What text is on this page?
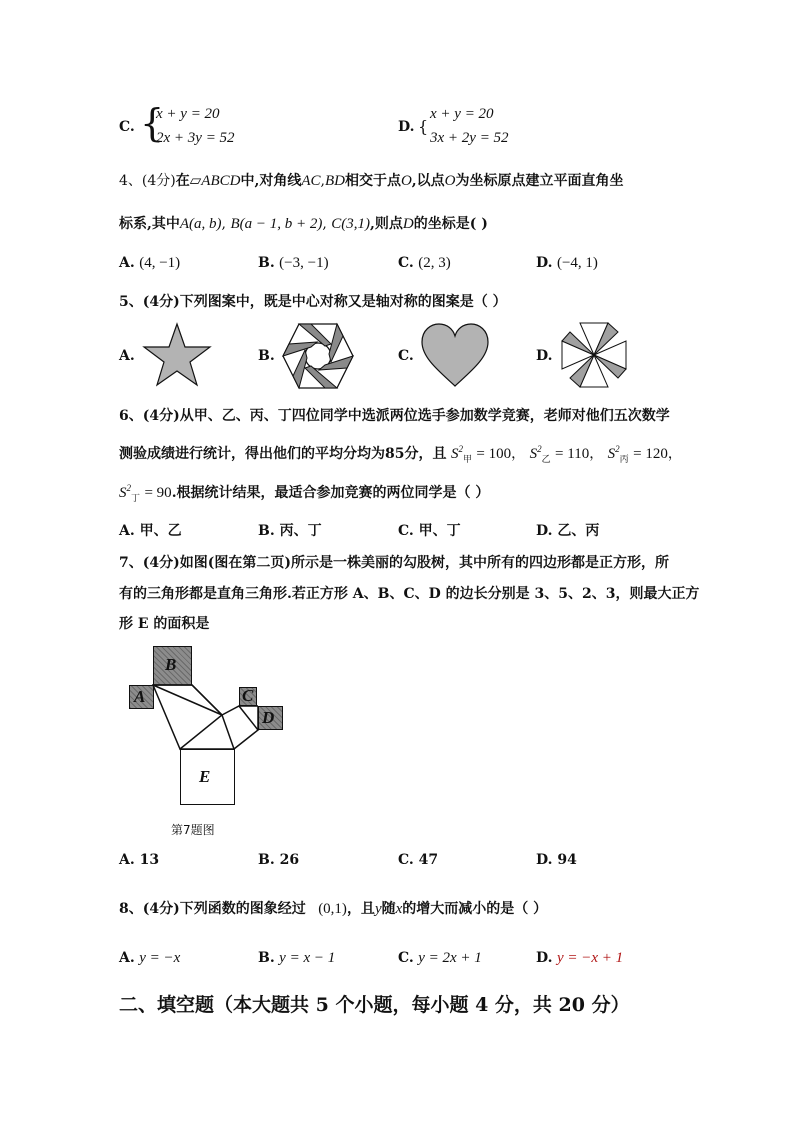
C. {
x + y = 20
2x + 3y = 52
D. {
x + y = 20
3x + 2y = 52
4、(4分)在▱ABCD中,对角线AC,BD相交于点O,以点O为坐标原点建立平面直角坐
标系,其中A(a, b), B(a − 1, b + 2), C(3,1),则点D的坐标是( )
A. (4, −1)	B. (−3, −1)	C. (2, 3)	D. (−4, 1)
5、(4分)下列图案中，既是中心对称又是轴对称的图案是（ ）
A.	B.	C.	D.
6、(4分)从甲、乙、丙、丁四位同学中选派两位选手参加数学竞赛，老师对他们五次数学
测验成绩进行统计，得出他们的平均分均为85分，且 $S^2_甲 = 100$， $S^2_乙 = 110$， $S^2_丙 = 120$，
$S^2_丁 = 90$.根据统计结果，最适合参加竞赛的两位同学是（ ）
A. 甲、乙	B. 丙、丁	C. 甲、丁	D. 乙、丙
7、(4分)如图(图在第二页)所示是一株美丽的勾股树，其中所有的四边形都是正方形，所
有的三角形都是直角三角形.若正方形 A、B、C、D 的边长分别是 3、5、2、3，则最大正方
形 E 的面积是
B
A	C
D
E
第7题图
A. 13	B. 26	C. 47	D. 94
8、(4分)下列函数的图象经过 (0,1)，且y随x的增大而减小的是（ ）
A. y = −x	B. y = x − 1	C. y = 2x + 1	D. y = −x + 1
二、填空题（本大题共 5 个小题，每小题 4 分，共 20 分）
